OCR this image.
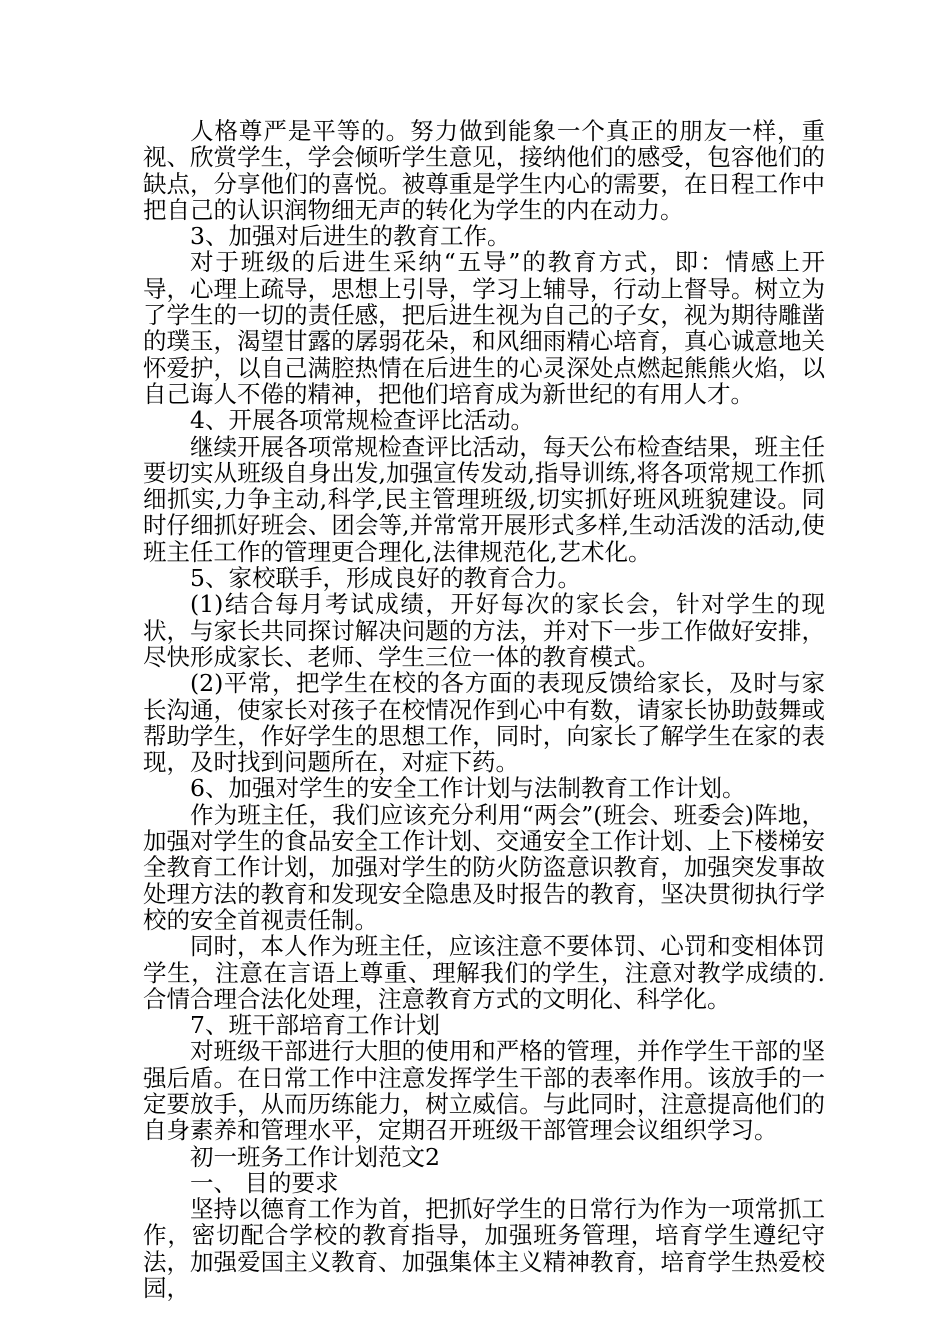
人格尊严是平等的。努力做到能象一个真正的朋友一样，重视、欣赏学生，学会倾听学生意见，接纳他们的感受，包容他们的缺点，分享他们的喜悦。被尊重是学生内心的需要，在日程工作中把自己的认识润物细无声的转化为学生的内在动力。

3、加强对后进生的教育工作。

对于班级的后进生采纳“五导”的教育方式，即：情感上开导，心理上疏导，思想上引导，学习上辅导，行动上督导。树立为了学生的一切的责任感，把后进生视为自己的子女，视为期待雕凿的璞玉，渴望甘露的孱弱花朵，和风细雨精心培育，真心诚意地关怀爱护，以自己满腔热情在后进生的心灵深处点燃起熊熊火焰，以自己诲人不倦的精神，把他们培育成为新世纪的有用人才。

4、开展各项常规检查评比活动。

继续开展各项常规检查评比活动，每天公布检查结果，班主任要切实从班级自身出发,加强宣传发动,指导训练,将各项常规工作抓细抓实,力争主动,科学,民主管理班级,切实抓好班风班貌建设。同时仔细抓好班会、团会等,并常常开展形式多样,生动活泼的活动,使班主任工作的管理更合理化,法律规范化,艺术化。

5、家校联手，形成良好的教育合力。

(1)结合每月考试成绩，开好每次的家长会，针对学生的现状，与家长共同探讨解决问题的方法，并对下一步工作做好安排，尽快形成家长、老师、学生三位一体的教育模式。

(2)平常，把学生在校的各方面的表现反馈给家长，及时与家长沟通，使家长对孩子在校情况作到心中有数，请家长协助鼓舞或帮助学生，作好学生的思想工作，同时，向家长了解学生在家的表现，及时找到问题所在，对症下药。

6、加强对学生的安全工作计划与法制教育工作计划。

作为班主任，我们应该充分利用“两会”(班会、班委会)阵地，加强对学生的食品安全工作计划、交通安全工作计划、上下楼梯安全教育工作计划，加强对学生的防火防盗意识教育，加强突发事故处理方法的教育和发现安全隐患及时报告的教育，坚决贯彻执行学校的安全首视责任制。

同时，本人作为班主任，应该注意不要体罚、心罚和变相体罚学生，注意在言语上尊重、理解我们的学生，注意对教学成绩的.合情合理合法化处理，注意教育方式的文明化、科学化。

7、班干部培育工作计划

对班级干部进行大胆的使用和严格的管理，并作学生干部的坚强后盾。在日常工作中注意发挥学生干部的表率作用。该放手的一定要放手，从而历练能力，树立威信。与此同时，注意提高他们的自身素养和管理水平，定期召开班级干部管理会议组织学习。

初一班务工作计划范文2

一、 目的要求

坚持以德育工作为首，把抓好学生的日常行为作为一项常抓工作，密切配合学校的教育指导，加强班务管理，培育学生遵纪守法，加强爱国主义教育、加强集体主义精神教育，培育学生热爱校园，
